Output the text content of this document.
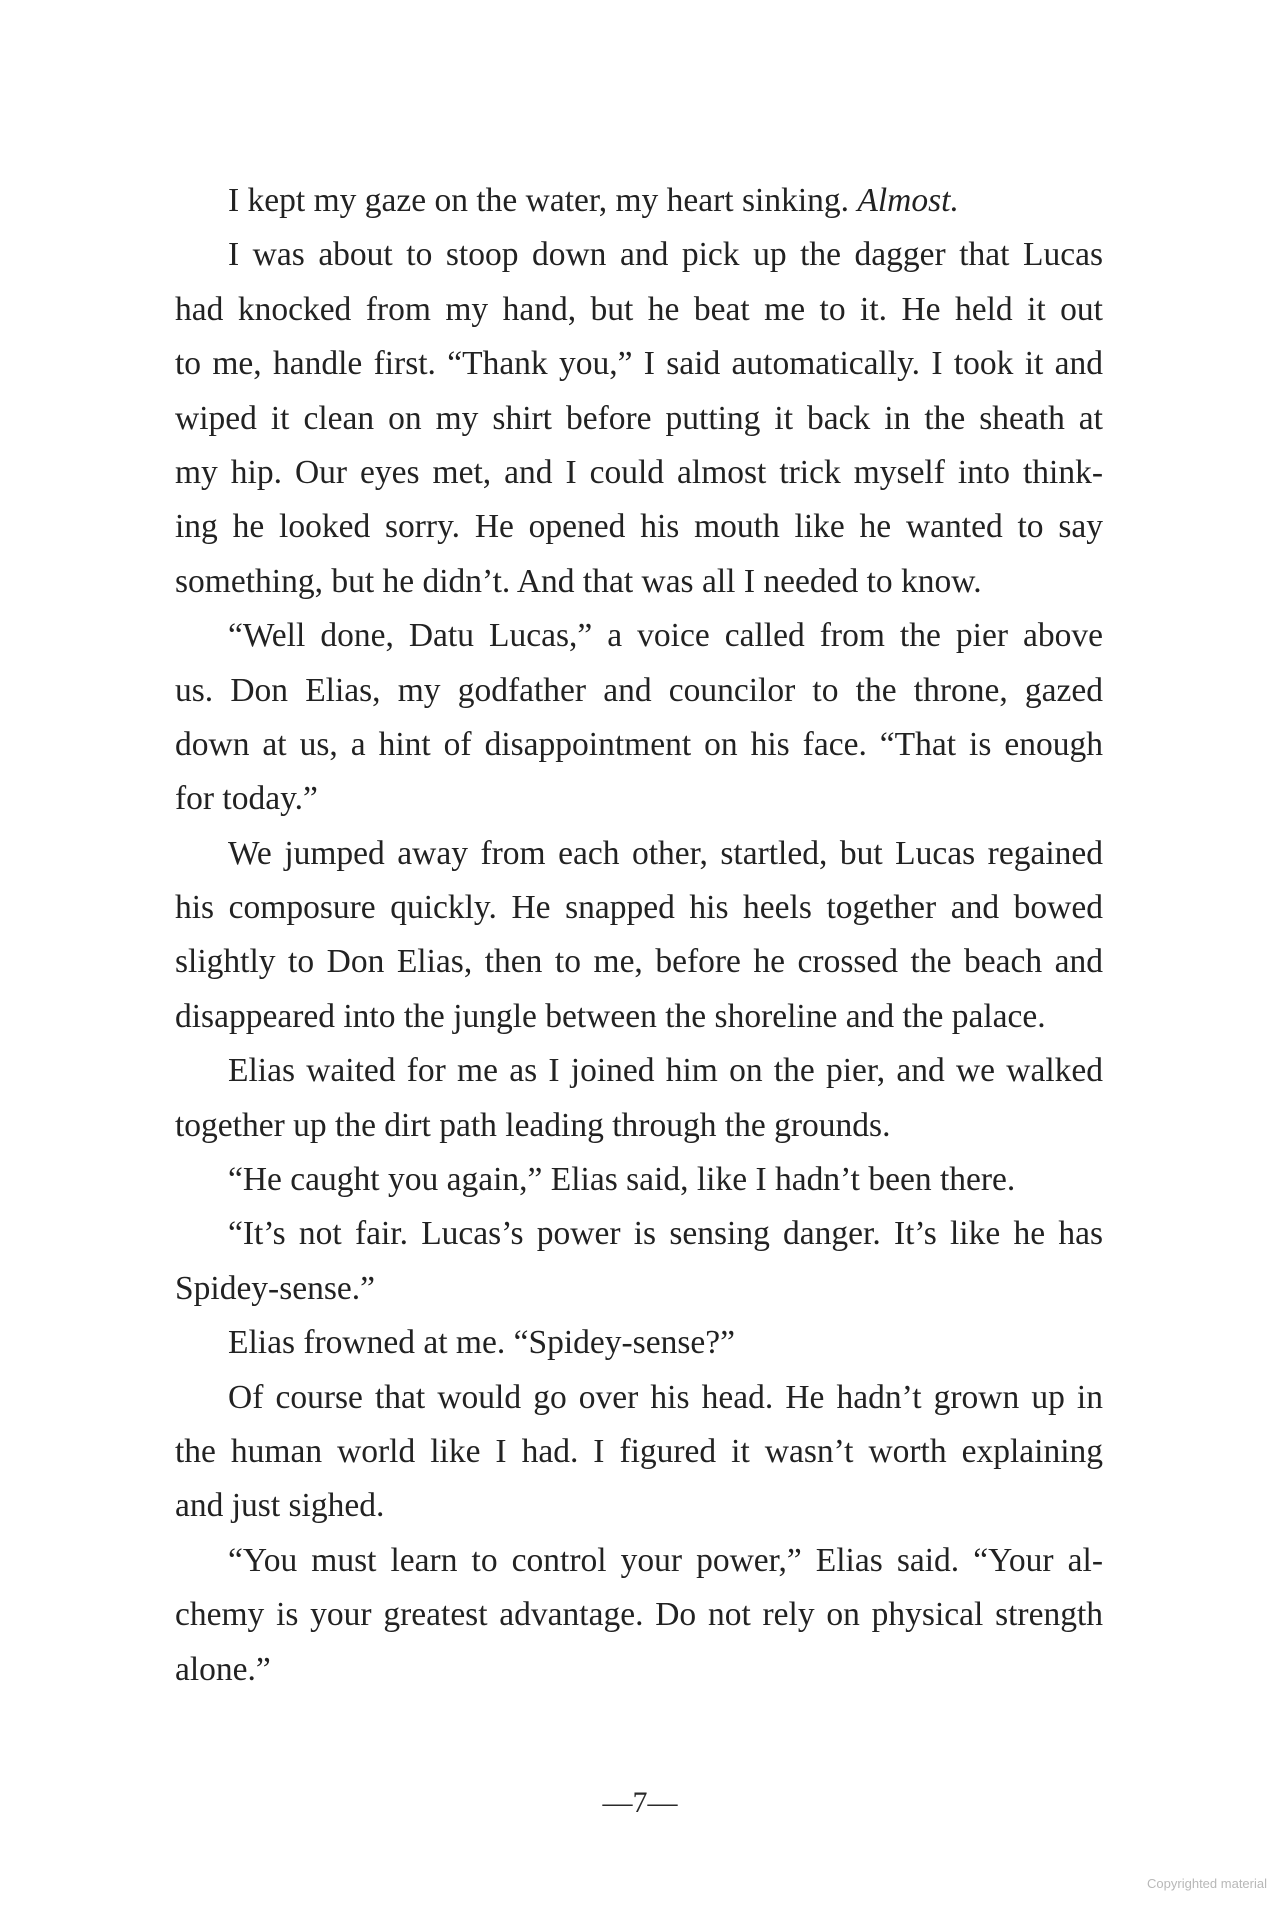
I kept my gaze on the water, my heart sinking. Almost.
I was about to stoop down and pick up the dagger that Lucas
had knocked from my hand, but he beat me to it. He held it out
to me, handle first. “Thank you,” I said automatically. I took it and
wiped it clean on my shirt before putting it back in the sheath at
my hip. Our eyes met, and I could almost trick myself into think-
ing he looked sorry. He opened his mouth like he wanted to say
something, but he didn’t. And that was all I needed to know.
“Well done, Datu Lucas,” a voice called from the pier above
us. Don Elias, my godfather and councilor to the throne, gazed
down at us, a hint of disappointment on his face. “That is enough
for today.”
We jumped away from each other, startled, but Lucas regained
his composure quickly. He snapped his heels together and bowed
slightly to Don Elias, then to me, before he crossed the beach and
disappeared into the jungle between the shoreline and the palace.
Elias waited for me as I joined him on the pier, and we walked
together up the dirt path leading through the grounds.
“He caught you again,” Elias said, like I hadn’t been there.
“It’s not fair. Lucas’s power is sensing danger. It’s like he has
Spidey-sense.”
Elias frowned at me. “Spidey-sense?”
Of course that would go over his head. He hadn’t grown up in
the human world like I had. I figured it wasn’t worth explaining
and just sighed.
“You must learn to control your power,” Elias said. “Your al-
chemy is your greatest advantage. Do not rely on physical strength
alone.”
—7—
Copyrighted material
